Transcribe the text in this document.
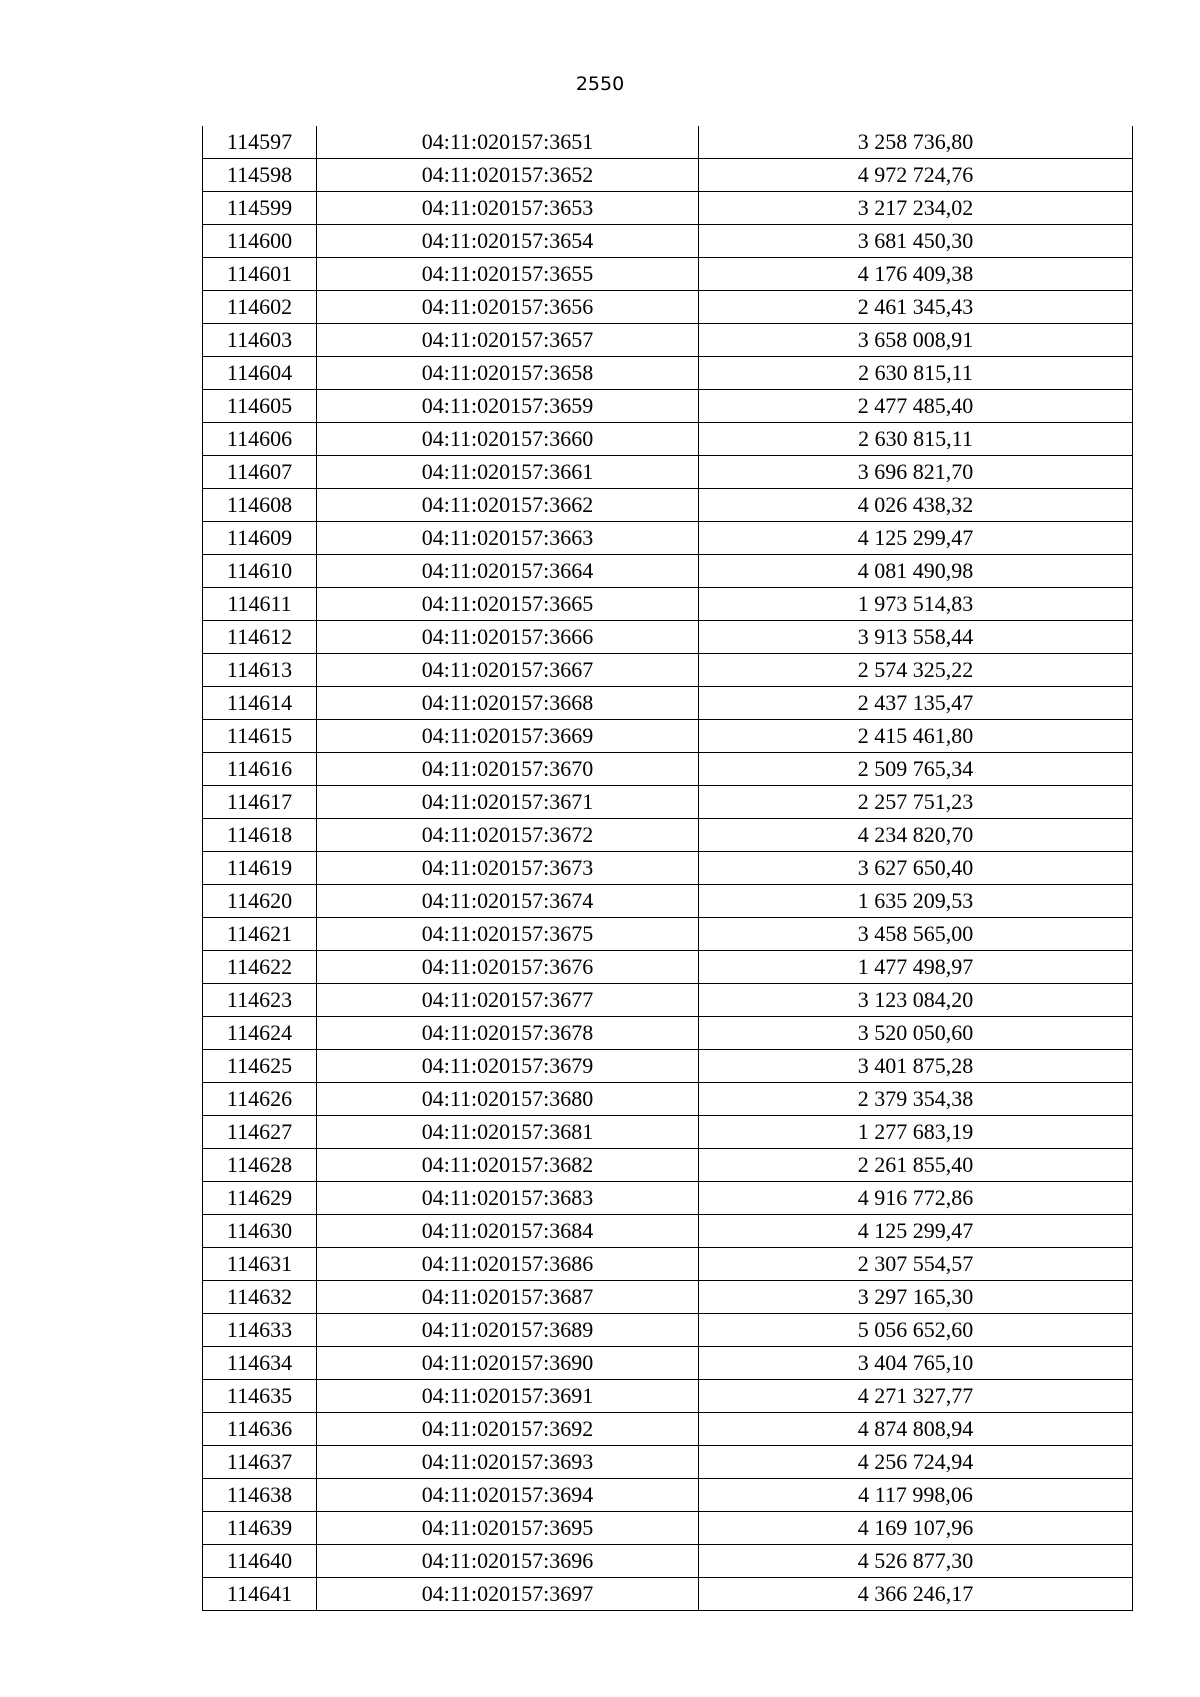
2550
114597	04:11:020157:3651	3 258 736,80
114598	04:11:020157:3652	4 972 724,76
114599	04:11:020157:3653	3 217 234,02
114600	04:11:020157:3654	3 681 450,30
114601	04:11:020157:3655	4 176 409,38
114602	04:11:020157:3656	2 461 345,43
114603	04:11:020157:3657	3 658 008,91
114604	04:11:020157:3658	2 630 815,11
114605	04:11:020157:3659	2 477 485,40
114606	04:11:020157:3660	2 630 815,11
114607	04:11:020157:3661	3 696 821,70
114608	04:11:020157:3662	4 026 438,32
114609	04:11:020157:3663	4 125 299,47
114610	04:11:020157:3664	4 081 490,98
114611	04:11:020157:3665	1 973 514,83
114612	04:11:020157:3666	3 913 558,44
114613	04:11:020157:3667	2 574 325,22
114614	04:11:020157:3668	2 437 135,47
114615	04:11:020157:3669	2 415 461,80
114616	04:11:020157:3670	2 509 765,34
114617	04:11:020157:3671	2 257 751,23
114618	04:11:020157:3672	4 234 820,70
114619	04:11:020157:3673	3 627 650,40
114620	04:11:020157:3674	1 635 209,53
114621	04:11:020157:3675	3 458 565,00
114622	04:11:020157:3676	1 477 498,97
114623	04:11:020157:3677	3 123 084,20
114624	04:11:020157:3678	3 520 050,60
114625	04:11:020157:3679	3 401 875,28
114626	04:11:020157:3680	2 379 354,38
114627	04:11:020157:3681	1 277 683,19
114628	04:11:020157:3682	2 261 855,40
114629	04:11:020157:3683	4 916 772,86
114630	04:11:020157:3684	4 125 299,47
114631	04:11:020157:3686	2 307 554,57
114632	04:11:020157:3687	3 297 165,30
114633	04:11:020157:3689	5 056 652,60
114634	04:11:020157:3690	3 404 765,10
114635	04:11:020157:3691	4 271 327,77
114636	04:11:020157:3692	4 874 808,94
114637	04:11:020157:3693	4 256 724,94
114638	04:11:020157:3694	4 117 998,06
114639	04:11:020157:3695	4 169 107,96
114640	04:11:020157:3696	4 526 877,30
114641	04:11:020157:3697	4 366 246,17
